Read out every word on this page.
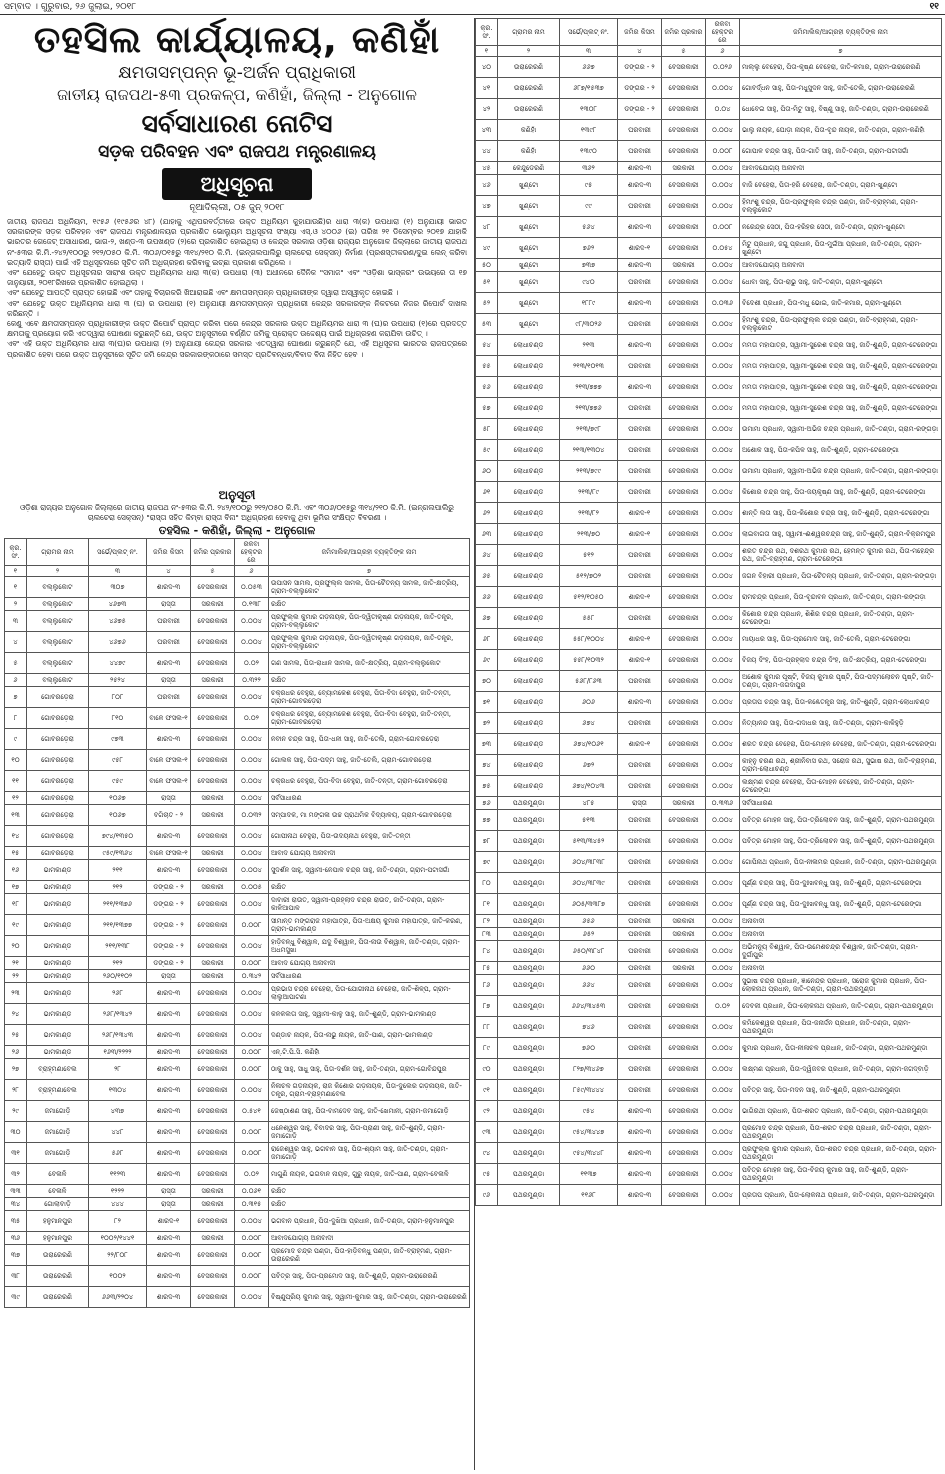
ସମ୍ବାଦ । ଗୁରୁବାର, ୨୬ ଜୁଲାଇ, ୨୦୧୮	୧୧
ତହସିଲ କାର୍ଯ୍ୟାଳୟ, କଣିହାଁ
କ୍ଷମତାସମ୍ପନ୍ନ ଭୂ-ଅର୍ଜନ ପ୍ରାଧିକାରୀ
ଜାତୀୟ ରାଜପଥ-୫୩ ପ୍ରକଳ୍ପ, କଣିହାଁ, ଜିଲ୍ଲା - ଅନୁଗୋଳ
ସର୍ବସାଧାରଣ ନୋଟିସ
ସଡ଼କ ପରିବହନ ଏବଂ ରାଜପଥ ମନ୍ତ୍ରଣାଳୟ
ଅଧିସୂଚନା
ନୂଆଦିଲ୍ଲୀ, ୦୫ ଜୁନ୍ ୨୦୧୮
ଜାତୀୟ ରାଜପଥ ଅଧିନିୟମ, ୧୯୫୬ (୧୯୫୬ର ୪୮) (ଯାହାକୁ ଏଥିପରବର୍ତ୍ତୀରେ ଉକ୍ତ ଅଧିନିୟମ କୁହାଯାଉଛି)ର ଧାରା ୩(କ) ଉପଧାରା (୧) ଅନୁଯାୟୀ ଭାରତ ସରକାରଙ୍କ ସଡ଼କ ପରିବହନ ଏବଂ ରାଜପଥ ମନ୍ତ୍ରଣାଳୟର ପ୍ରକାଶିତ ଭୋଲ୍ୟୁମ ଅଧିସୂଚନା ସଂଖ୍ୟା ଏସ୍.ଓ ୪୦୦୬ (ଇ) ତାରିଖ ୨୧ ଡିସେମ୍ବର ୨୦୧୭ ଯାହାକି ଭାରତର ଗେଜେଟ୍ ଅସାଧାରଣ, ଭାଗ-୨, ଖଣ୍ଡ-୩ ଉପଖଣ୍ଡ (୨)ରେ ପ୍ରକାଶିତ ହୋଇଥିଲା ଓ କେନ୍ଦ୍ର ସରକାର ଓଡ଼ିଶା ରାଜ୍ୟର ଅନୁଗୋଳ ଜିଲ୍ଲାରେ ଜାତୀୟ ରାଜପଥ ନଂ-୫୩ର କି.ମି.-୨୪୨/୧୦୦ରୁ ୨୧୨/୦୫୦ କି.ମି. ୩୦୬/୦୧୫ରୁ ୩୧୪/୨୧୦ କି.ମି. (ଇନ୍‌ଗଲପାଲିରୁ ଚାଲଚେରା ସେକ୍ସନ୍) ନିର୍ମାଣ (ପ୍ରଶସ୍ତୀକରଣ/ଦୁଇ ଲେନ୍ କରିବା ଇତ୍ୟାଦି ରାସ୍ତା) ପାଇଁ ଏହି ଅଧିସୂଚନାରେ ସୂଚିତ ଜମି ଅଧିଗ୍ରହଣ କରିବାକୁ ଇଚ୍ଛା ପ୍ରକାଶ କରିଥିଲେ ।
ଏବଂ ଯେହେତୁ ଉକ୍ତ ଅଧିସୂଚନାର ସାରାଂଶ ଉକ୍ତ ଅଧିନିୟମର ଧାରା ୩(କ) ଉପଧାରା (୩) ଅଧୀନରେ ଦୈନିକ "ସମାଜ" ଏବଂ "ଓଡ଼ିଶା ଭାସ୍କର" ଉଭୟରେ ତା ୧୭ ଜାନୁୟାରୀ, ୨୦୧୮ରିଖରେ ପ୍ରକାଶିତ ହୋଇଥିଲା ।
ଏବଂ ଯେହେତୁ ଆପତ୍ତି ପ୍ରାପ୍ତ ହୋଇଛି ଏବଂ ତାହାକୁ ବିଚାରକରି ଖିଆରାଇଛି ଏବଂ କ୍ଷମତାସମ୍ପନ୍ନ ପ୍ରାଧିକାରୀଙ୍କ ଦ୍ୱାରା ଅସ୍ୱୀକୃତ ହୋଇଛି ।
ଏବଂ ଯେହେତୁ ଉକ୍ତ ଅଧିନିୟମର ଧାରା ୩ (ଘ) ର ଉପଧାରା (୧) ଅନୁଯାୟୀ କ୍ଷମତାସମ୍ପନ୍ନ ପ୍ରାଧିକାରୀ କେନ୍ଦ୍ର ସରକାରଙ୍କ ନିକଟରେ ନିଜର ରିପୋର୍ଟ ଦାଖଲ କରିଛନ୍ତି ।
କେଣୁ ଏବେ କ୍ଷମତାସମ୍ପନ୍ନ ପ୍ରାଧିକାରୀଙ୍କ ଉକ୍ତ ରିପୋର୍ଟ ପ୍ରାପ୍ତ କରିବା ପରେ କେନ୍ଦ୍ର ସରକାର ଉକ୍ତ ଅଧିନିୟମର ଧାରା ୩ (ଘ)ର ଉପଧାରା (୧)ରେ ପ୍ରଦତ୍ତ କ୍ଷମତାକୁ ପ୍ରୟୋଗ କରି ଏତଦ୍ୱାରା ଘୋଷଣା କରୁଛନ୍ତି ଯେ, ଉକ୍ତ ଅନୁସୂଚୀରେ ବର୍ଣ୍ଣିତ ଜମିକୁ ପ୍ରୋକ୍ତ ଉଦ୍ଦେଶ୍ୟ ପାଇଁ ଅଧିଗ୍ରହଣ କରାଯିବା ଉଚିତ୍ ।
ଏବଂ ଏହି ଉକ୍ତ ଅଧିନିୟମର ଧାରା ୩(ଘ)ର ଉପଧାରା (୨) ଅନୁଯାୟୀ କେନ୍ଦ୍ର ସରକାର ଏତଦ୍ୱାରା ଘୋଷଣା କରୁଛନ୍ତି ଯେ, ଏହି ଅଧିସୂଚନା ଭାରତର ରାଜପତ୍ରରେ ପ୍ରକାଶିତ ହେବା ପରେ ଉକ୍ତ ଅନୁସୂଚୀରେ ସୂଚିତ ଜମି କେନ୍ଦ୍ର ସରକାରଙ୍କଠାରେ ସମସ୍ତ ପ୍ରତିବନ୍ଧକ/ବିବାଦ ବିନା ନିହିତ ହେବ ।
ଅନୁସୂଚୀ
ଓଡ଼ିଶା ରାଜ୍ୟର ଅନୁଗୋଳ ଜିଲ୍ଲାରେ ଜାତୀୟ ରାଜପଥ ନଂ-୫୩ର କି.ମି. ୨୪୨/୧୦୦ରୁ ୨୧୨/୦୫୦ କି.ମି. ଏବଂ ୩୦୬/୦୧୫ରୁ ୩୧୪/୨୧୦ କି.ମି. (ଇନ୍‌ଗଲପାଲିରୁ ଚାଲଚେରା ସେକ୍ସନ୍) "ରାସ୍ତା ସହିତ କିମ୍ବା ରାସ୍ତା ବିନା" ଅଧିଗ୍ରହଣ ହେବାକୁ ଥିବା ଭୂମିର ସଂକ୍ଷିପ୍ତ ବିବରଣୀ ।
ତହସିଲ - କଣିହାଁ, ଜିଲ୍ଲା - ଅନୁଗୋଳ
କ୍ର.ସଂ.	ଗ୍ରାମର ନାମ	ସର୍ଭେ/ପ୍ଲଟ୍ ନଂ.	ଜମିର କିସମ	ଜମିର ପ୍ରକାର	ରକବା ହେକ୍ଟରରେ	ଜମିମାଲିକ/ଆଗ୍ରହୀ ବ୍ୟକ୍ତିଙ୍କ ନାମ
୧	୨	୩	୪	୫	୬	୭
୧	ବଲ୍ଲୁକୋଟ	୩୦୭	ଶାରଦ-୩	ବେସରକାରୀ	୦.୦୫୩	ଉପାସନ ସାମଲ, ପ୍ରଫୁଲ୍ଲ ସାମଲ, ପିତା-ଚୈତନ୍ୟ ସାମଲ, ଜାତି-କ୍ଷତ୍ରିୟ, ଗ୍ରାମ-ବଲ୍ଲୁକୋଟ
୨	ବଲ୍ଲୁକୋଟ	୪୬୭୩	ରାସ୍ତା	ସରକାରୀ	୦.୧୩୮	ରକ୍ଷିତ
୩	ବଲ୍ଲୁକୋଟ	୪୬୭୫	ଘରବାରୀ	ବେସରକାରୀ	୦.୦୦୪	ପ୍ରଫୁଲ୍ଲ କୁମାର ଗଡ଼ନାୟକ, ପିତା-ଦ୍ୱିତୀକୃଷ୍ଣ ଗଡ଼ନାୟକ, ଜାତି-ତନ୍ତ୍ର, ଗ୍ରାମ-ବଲ୍ଲୁକୋଟ
୪	ବଲ୍ଲୁକୋଟ	୪୬୭୬	ଘରବାରୀ	ବେସରକାରୀ	୦.୦୦୪	ପ୍ରଫୁଲ୍ଲ କୁମାର ଗଡ଼ନାୟକ, ପିତା-ଦ୍ୱିତୀକୃଷ୍ଣ ଗଡ଼ନାୟକ, ଜାତି-ତନ୍ତ୍ର, ଗ୍ରାମ-ବଲ୍ଲୁକୋଟ
୫	ବଲ୍ଲୁକୋଟ	୪୪୭୯	ଶାରଦ-୩	ବେସରକାରୀ	୦.୦୨	ଗଣ ସାମଲ, ପିତା-ରାଧାନ ସାମଲ, ଜାତି-କ୍ଷତ୍ରିୟ, ଗ୍ରାମ-ବଲ୍ଲୁକୋଟ
୬	ବଲ୍ଲୁକୋଟ	୨୫୨୪	ରାସ୍ତା	ସରକାରୀ	୦.୩୨୨	ରକ୍ଷିତ
୭	ଗୋବରଡ଼େରା	୮୦୮	ଘରବାରୀ	ବେସରକାରୀ	୦.୦୦୪	ଚକ୍ରଧର ବେହୁରା, ବ୍ୟୋମକେଶ ବେହୁରା, ପିତା-ବିଦା ବେହୁରା, ଜାତି-ତନ୍ତୀ, ଗ୍ରାମ-ଗୋବରଡ଼େରା
୮	ଗୋବରଡ଼େରା	୮୧୦	ବାଳେ ଫସଲ-୧	ବେସରକାରୀ	୦.୦୨	ଚକ୍ରଧର ବେହୁରା, ବ୍ୟୋମକେଶ ବେହୁରା, ପିତା-ବିଦା ବେହୁରା, ଜାତି-ତନ୍ତୀ, ଗ୍ରାମ-ଗୋବରଡ଼େରା
୯	ଗୋବରଡ଼େରା	୯୭୩	ଶାରଦ-୩	ବେସରକାରୀ	୦.୦୦୪	ନବୀନ ଚନ୍ଦ୍ର ସାହୁ, ପିତା-ଧନୀ ସାହୁ, ଜାତି-ତେଲି, ଗ୍ରାମ-ଗୋବରଡ଼େରା
୧୦	ଗୋବରଡ଼େରା	୯୫୮	ବାଳେ ଫସଲ-୧	ବେସରକାରୀ	୦.୦୦୪	ଗୋଲକ ସାହୁ, ପିତା-ପଦ୍ମ ସାହୁ, ଜାତି-ତେଲି, ଗ୍ରାମ-ଗୋବରଡ଼େରା
୧୧	ଗୋବରଡ଼େରା	୯୫୯	ବାଳେ ଫସଲ-୧	ବେସରକାରୀ	୦.୦୦୪	ଚକ୍ରଧର ବେହୁରା, ପିତା-ବିଦା ବେହୁରା, ଜାତି-ତନ୍ତୀ, ଗ୍ରାମ-ଗୋବରଡ଼େରା
୧୨	ଗୋବରଡ଼େରା	୧୦୬୭	ରାସ୍ତା	ସରକାରୀ	୦.୦୦୪	ସର୍ବସାଧାରଣ
୧୩	ଗୋବରଡ଼େରା	୧୦୬୭	ବଗିଚାତ - ୨	ସରକାରୀ	୦.୦୩୨	ସମ୍ପାଦକ, ମା ମଙ୍ଗଳା ଉଚ୍ଚ ପ୍ରାଥମିକ ବିଦ୍ୟାଳୟ, ଗ୍ରାମ-ଗୋବରଡ଼େରା
୧୪	ଗୋବରଡ଼େରା	୭୯୪/୧୩୫୦	ଶାରଦ-୩	ବେସରକାରୀ	୦.୦୦୪	ଗୋପୀନାଥ ବେହୁରା, ପିତା-ଉଦୟନାଥ ବେହୁରା, ଜାତି-ତନ୍ତୀ
୧୫	ଗୋବରଡ଼େରା	୯୫୯/୧୩୬୪	ବାଳେ ଫସଲ-୧	ସରକାରୀ	୦.୦୦୪	ଆବାଦ ଯୋଗ୍ୟ ଅନାବାଦୀ
୧୬	ଭାମକାଣ୍ଡ	୨୧୧	ଶାରଦ-୩	ବେସରକାରୀ	୦.୦୦୪	ସୁଦର୍ଶନ ସାହୁ, ସ୍ୱାମୀ-ନେପାଳ ଚନ୍ଦ୍ର ସାହୁ, ଜାତି-ତଣ୍ଡା, ଗ୍ରାମ-ପଟାସଗାଁ
୧୭	ଭାମକାଣ୍ଡ	୨୧୨	ଡଙ୍ଗର - ୨	ସରକାରୀ	୦.୦୦୫	ରକ୍ଷିତ
୧୮	ଭାମକାଣ୍ଡ	୨୧୧/୧୩୭୬	ଡଙ୍ଗର - ୨	ବେସରକାରୀ	୦.୦୦୪	ଦାବାରୀ ରାଉତ, ସ୍ୱାମୀ-ପ୍ରହ୍ଲାଦ ଚନ୍ଦ୍ର ରାଉତ, ଜାତି-ତଣ୍ଡା, ଗ୍ରାମ-କାଳିଆପାଳ
୧୯	ଭାମକାଣ୍ଡ	୨୧୧/୧୩୭୭	ଡଙ୍ଗର - ୨	ବେସରକାରୀ	୦.୦୦୮	ସୀମାନ୍ତ ମଙ୍ଗରାଜ ମହାପାତ୍ର, ପିତା-ଅକ୍ଷୟ କୁମାର ମହାପାତ୍ର, ଜାତି-କରଣ, ଗ୍ରାମ-ଭାମକାଣ୍ଡ
୨୦	ଭାମକାଣ୍ଡ	୨୧୧/୧୩୮	ଡଙ୍ଗର - ୨	ବେସରକାରୀ	୦.୦୦୪	ହାଡ଼ିବନ୍ଧୁ ବିଶ୍ୱାଳ, ଯଦୁ ବିଶ୍ୱାଳ, ପିତା-ନାଉ ବିଶ୍ୱାଳ, ଜାତି-ତଣ୍ଡା, ଗ୍ରାମ-ଅଧମସୁଖା
୨୧	ଭାମକାଣ୍ଡ	୨୧୨	ଡଙ୍ଗର - ୨	ସରକାରୀ	୦.୦୦୮	ଆବାଦ ଯୋଗ୍ୟ ଅନାବାଦୀ
୨୨	ଭାମକାଣ୍ଡ	୨୬୦/୧୧୦୨	ରାସ୍ତା	ସରକାରୀ	୦.୩୪୨	ସର୍ବସାଧାରଣ
୨୩	ଭାମକାଣ୍ଡ	୨୬୮	ଶାରଦ-୩	ବେସରକାରୀ	୦.୦୦୪	ପ୍ରଭାସ ଚନ୍ଦ୍ର ବେହେରା, ପିତା-ଯୋଗୀନାଥ ବେହେରା, ଜାତି-ଶିଳ୍ପ, ଗ୍ରାମ-ଲାଲୁଆପାଟଣା
୨୪	ଭାମକାଣ୍ଡ	୨୬୮/୧୩୪୨	ଶାରଦ-୩	ବେସରକାରୀ	୦.୦୦୪	କନକଲତା ସାହୁ, ସ୍ୱାମୀ-କାଳୁ ସାହୁ, ଜାତି-ଶୁଣ୍ଡି, ଗ୍ରାମ-ଭାମକାଣ୍ଡ
୨୫	ଭାମକାଣ୍ଡ	୨୬୮/୧୩୪୩	ଶାରଦ-୩	ବେସରକାରୀ	୦.୦୦୪	ଦଣ୍ଡାଚ ନାୟକ, ପିତା-ନାଭୁ ନାୟକ, ଜାତି-ପାଣ, ଗ୍ରାମ-ଭାମକାଣ୍ଡ
୨୬	ଭାମକାଣ୍ଡ	୧୬୩/୨୨୨୨	ଶାରଦ-୩	ବେସରକାରୀ	୦.୦୦୮	ଏନ୍.ଟି.ପି.ସି. କଣିହାଁ
୨୭	ବ୍ରାହ୍ମଣାବେଲ	୨୮	ଶାରଦ-୩	ବେସରକାରୀ	୦.୦୦୮	ଠାକୁ ସାହୁ, ସାଧୁ ସାହୁ, ପିତା-ଦର୍ଶନ ସାହୁ, ଜାତି-ତଣ୍ଡା, ଗ୍ରାମ-ଗୋବିନ୍ଦପୁର
୨୮	ବ୍ରାହ୍ମଣାବେଲ	୧୩୦୪	ଶାରଦ-୩	ବେସରକାରୀ	୦.୦୦୪	ନିଳାଚଳ ଗଡ଼ନାୟକ, ରାଜ କିଶୋର ଗଡ଼ନାୟକ, ପିତା-ଦୁଲେର ଗଡ଼ନାୟକ, ଜାତି-ତନ୍ତ୍ର, ଗ୍ରାମ-ବ୍ରାହ୍ମଣାବେଲ
୨୯	ଜମାଗୋଡ଼ି	୪୩୭	ଶାରଦ-୩	ବେସରକାରୀ	୦.୫୪୧	ଜେଷ୍ଠାଶଣ ସାହୁ, ପିତା-ବାମଦେବ ସାହୁ, ଜାତି-ଖେମାନୀ, ଗ୍ରାମ-ଜମାଗୋଡ଼ି
୩୦	ଜମାଗୋଡ଼ି	୪୪୮	ଶାରଦ-୩	ବେସରକାରୀ	୦.୦୦୮	ଧନେଶ୍ୱର ସାହୁ, ବିବାଦର ସାହୁ, ପିତା-ପ୍ରାଣୀ ସାହୁ, ଜାତି-ଶୁଣ୍ଡି, ଗ୍ରାମ-ଜମାଗୋଡ଼ି
୩୧	ଜମାଗୋଡ଼ି	୫୬୮	ଶାରଦ-୩	ବେସରକାରୀ	୦.୦୦୮	ରାଜେଶ୍ୱର ସାହୁ, ଭଗବାନ ସାହୁ, ପିତା-ଶ୍ୟାମ ସାହୁ, ଜାତି-ତଣ୍ଡା, ଗ୍ରାମ-ଜମାଗୋଡ଼ି
୩୨	ବେଳାଳି	୧୧୨୩	ଶାରଦ-୩	ବେସରକାରୀ	୦.୦୨	ମାଗୁଣି ନାୟକ, ଭଗବାନ ନାୟକ, ଗୁରୁ ନାୟକ, ଜାତି-ପାଣ, ଗ୍ରାମ-ବେଳାଳି
୩୩	ବେଳାଳି	୧୨୨୨	ରାସ୍ତା	ସରକାରୀ	୦.୦୬୧	ରକ୍ଷିତ
୩୪	ଗୋଲାବାଡ଼ି	୪୪୪	ରାସ୍ତା	ସରକାରୀ	୦.୩୧୫	ରକ୍ଷିତ
୩୫	ହନୁମାନପୁର	୮୨	ଶାରଦ-୧	ବେସରକାରୀ	୦.୦୦୪	ଭଗବାନ ପ୍ରଧାନ, ପିତା-ଦୁଖିଆ ପ୍ରଧାନ, ଜାତି-ତଣ୍ଡା, ଗ୍ରାମ-ହନୁମାନପୁର
୩୬	ହନୁମାନପୁର	୧୦୦୨/୧୪୪୧	ଶାରଦ-୩	ସରକାରୀ	୦.୦୦୮	ଆବାଦଯୋଗ୍ୟ ଅନାବାଦୀ
୩୭	ଉରାରେରଣି	୨୨/୮୦୮	ଶାରଦ-୩	ବେସରକାରୀ	୦.୦୦୮	ପ୍ରମୋଦ ଚନ୍ଦ୍ର ପଣ୍ଡା, ପିତା-ହାଡ଼ିବନ୍ଧୁ ପଣ୍ଡା, ଜାତି-ବ୍ରାହ୍ମଣ, ଗ୍ରାମ-ଉରାରେରଣି
୩୮	ଉରାରେରଣି	୧୦୦୨	ଶାରଦ-୩	ବେସରକାରୀ	୦.୦୦୮	ପବିତ୍ର ସାହୁ, ପିତା-ପ୍ରମୋଦ ସାହୁ, ଜାତି-ଶୁଣ୍ଡି, ଗ୍ରାମ-ଉରାରେରଣି
୩୯	ଉରାରେରଣି	୬୬୩/୨୨୦୪	ଶାରଦ-୩	ବେସରକାରୀ	୦.୦୦୪	ବିଷ୍ଣୁପ୍ରିୟ କୁମାର ସାହୁ, ସ୍ୱାମୀ-କୁମାର ସାହୁ, ଜାତି-ତଣ୍ଡା, ଗ୍ରାମ-ଉରାରେରଣି
କ୍ର.ସଂ.	ଗ୍ରାମର ନାମ	ସର୍ଭେ/ପ୍ଲଟ୍ ନଂ.	ଜମିର କିସମ	ଜମିର ପ୍ରକାର	ରକବା ହେକ୍ଟରରେ	ଜମିମାଲିକ/ଆଗ୍ରହୀ ବ୍ୟକ୍ତିଙ୍କ ନାମ
୧	୨	୩	୪	୫	୬	୭
୪୦	ଉରାରେରଣି	୬୬୭	ଡଙ୍ଗର - ୨	ବେସରକାରୀ	୦.୦୨୬	ମାଲ୍ଲୁ ବେହେରା, ପିତା-କୃଷ୍ଣ ବେହେରା, ଜାତି-କମାର, ଗ୍ରାମ-ଉରାରେରଣି
୪୧	ଉରାରେରଣି	୬୮୭/୧୫୩୭	ଡଙ୍ଗର - ୨	ବେସରକାରୀ	୦.୦୦୪	ଗୋବର୍ଦ୍ଧନ ସାହୁ, ପିତା-ମଧୁସୁଦନ ସାହୁ, ଜାତି-ତେଲି, ଗ୍ରାମ-ଉରାରେରଣି
୪୨	ଉରାରେରଣି	୧୩୦୮	ଡଙ୍ଗର - ୨	ବେସରକାରୀ	୦.୦୪	ଧୋବେଇ ସାହୁ, ପିତା-ମିଟୁ ସାହୁ, ବିଷ୍ଣୁ ସାହୁ, ଜାତି-ତଣ୍ଡା, ଗ୍ରାମ-ଉରାରେରଣି
୪୩	କଣିହାଁ	୧୩୯୮	ଘରବାରୀ	ବେସରକାରୀ	୦.୦୦୪	ଭାଲୁ ନାୟକ, ଘୋଡ଼ା ନାୟକ, ପିତା-ବୃନ୍ଦ ନାୟକ, ଜାତି-ତଣ୍ଡା, ଗ୍ରାମ-କଣିହାଁ
୪୪	କଣିହାଁ	୧୩୯୦	ଘରବାରୀ	ବେସରକାରୀ	୦.୦୦୮	ଗୋପାଳ ଚନ୍ଦ୍ର ସାହୁ, ପିତା-ଗାତି ସାହୁ, ଜାତି-ତଣ୍ଡା, ଗ୍ରାମ-ପଟାସଗାଁ
୪୫	କେନ୍ଦୁଡେରଣି	୩୬୨	ଶାରଦ-୩	ସରକାରୀ	୦.୦୦୪	ଆବାଦଯୋଗ୍ୟ ଅନାବାଦୀ
୪୬	ଖୁଣ୍ଟୋ	୯୫	ଶାରଦ-୩	ବେସରକାରୀ	୦.୦୦୪	ବାଜି ବେହେରା, ପିତା-ହରି ବେହେରା, ଜାତି-ତଣ୍ଡା, ଗ୍ରାମ-ଖୁଣ୍ଟୋ
୪୭	ଖୁଣ୍ଟୋ	୯୯	ଘରବାରୀ	ବେସରକାରୀ	୦.୦୦୪	ହିମାଂଶୁ ଚନ୍ଦ୍ର, ପିତା-ପ୍ରଫୁଲ୍ଲ ଚନ୍ଦ୍ର ପଣ୍ଡା, ଜାତି-ବ୍ରାହ୍ମଣ, ଗ୍ରାମ-ବଲ୍ଲୁକୋଟ
୪୮	ଖୁଣ୍ଟୋ	୫୬୪	ଶାରଦ-୩	ବେସରକାରୀ	୦.୦୦୮	ନରେନ୍ଦ୍ର ସେଠୀ, ପିତା-ହରିହର ସେଠୀ, ଜାତି-ତଣ୍ଡା, ଗ୍ରାମ-ଖୁଣ୍ଟୋ
୪୯	ଖୁଣ୍ଟୋ	୭୬୨	ଶାରଦ-୧	ବେସରକାରୀ	୦.୦୫୪	ମିଟୁ ପ୍ରଧାନ, ଜଗୁ ପ୍ରଧାନ, ପିତା-ମୁଇଁଆ ପ୍ରଧାନ, ଜାତି-ତଣ୍ଡା, ଗ୍ରାମ-ଖୁଣ୍ଟୋ
୫୦	ଖୁଣ୍ଟୋ	୭୩୭	ଶାରଦ-୩	ସରକାରୀ	୦.୦୦୪	ଆବାଦଯୋଗ୍ୟ ଅନାବାଦୀ
୫୧	ଖୁଣ୍ଟୋ	୯୪୦	ଘରବାରୀ	ବେସରକାରୀ	୦.୦୦୪	ଧୋବା ସାହୁ, ପିତା-ରାଭୁ ସାହୁ, ଜାତି-ତଣ୍ଡା, ଗ୍ରାମ-ଖୁଣ୍ଟୋ
୫୨	ଖୁଣ୍ଟୋ	୧୮୮୯	ଶାରଦ-୩	ବେସରକାରୀ	୦.୦୩୬	ବିଦେଶୀ ପ୍ରଧାନ, ପିତା-ମଧୁ ଭୋଇ, ଜାତି-କମାର, ଗ୍ରାମ-ଖୁଣ୍ଟୋ
୫୩	ଖୁଣ୍ଟୋ	୯୮/୩୦୨୬	ଘରବାରୀ	ବେସରକାରୀ	୦.୦୦୪	ହିମାଂଶୁ ଚନ୍ଦ୍ର, ପିତା-ପ୍ରଫୁଲ୍ଲ ଚନ୍ଦ୍ର ପଣ୍ଡା, ଜାତି-ବ୍ରାହ୍ମଣ, ଗ୍ରାମ-ବଲ୍ଲୁକୋଟ
୫୪	ଲୋଧାଚଣ୍ଡ	୨୧୩	ଶାରଦ-୩	ବେସରକାରୀ	୦.୦୦୪	ମମତା ମହାପାତ୍ର, ସ୍ୱାମୀ-ସୁରେଶ ଚନ୍ଦ୍ର ସାହୁ, ଜାତି-ଶୁଣ୍ଡି, ଗ୍ରାମ-ଟେରେଙ୍ଗା
୫୫	ଲୋଧାଚଣ୍ଡ	୨୧୩/୧୦୧୩	ଘରବାରୀ	ବେସରକାରୀ	୦.୦୦୪	ମମତା ମହାପାତ୍ର, ସ୍ୱାମୀ-ସୁରେଶ ଚନ୍ଦ୍ର ସାହୁ, ଜାତି-ଶୁଣ୍ଡି, ଗ୍ରାମ-ଟେରେଙ୍ଗା
୫୬	ଲୋଧାଚଣ୍ଡ	୨୧୩/୭୭୭	ଶାରଦ-୩	ବେସରକାରୀ	୦.୦୦୪	ମମତା ମହାପାତ୍ର, ସ୍ୱାମୀ-ସୁରେଶ ଚନ୍ଦ୍ର ସାହୁ, ଜାତି-ଶୁଣ୍ଡି, ଗ୍ରାମ-ଟେରେଙ୍ଗା
୫୭	ଲୋଧାଚଣ୍ଡ	୨୧୩/୭୭୬	ଘରବାରୀ	ବେସରକାରୀ	୦.୦୦୪	ମମତା ମହାପାତ୍ର, ସ୍ୱାମୀ-ସୁରେଶ ଚନ୍ଦ୍ର ସାହୁ, ଜାତି-ଶୁଣ୍ଡି, ଗ୍ରାମ-ଟେରେଙ୍ଗା
୫୮	ଲୋଧାଚଣ୍ଡ	୨୧୩/୭୯୮	ଘରବାରୀ	ବେସରକାରୀ	୦.୦୦୪	ଉମାମା ପ୍ରଧାନ, ସ୍ୱାମୀ-ଅଭିଜ ଚନ୍ଦ୍ର ପ୍ରଧାନ, ଜାତି-ତଣ୍ଡା, ଗ୍ରାମ-ରଙ୍ଗଡ଼ା
୫୯	ଲୋଧାଚଣ୍ଡ	୨୧୩/୧୩୦୪	ଘରବାରୀ	ବେସରକାରୀ	୦.୦୦୪	ଅଶୋକ ସାହୁ, ପିତା-କପିଳ ସାହୁ, ଜାତି-ଶୁଣ୍ଡି, ଗ୍ରାମ-ଟେରେଙ୍ଗା
୬୦	ଲୋଧାଚଣ୍ଡ	୨୧୩/୭୯୯	ଘରବାରୀ	ବେସରକାରୀ	୦.୦୦୪	ଉମାମା ପ୍ରଧାନ, ସ୍ୱାମୀ-ଅଭିଜ ଚନ୍ଦ୍ର ପ୍ରଧାନ, ଜାତି-ତଣ୍ଡା, ଗ୍ରାମ-ରଙ୍ଗଡ଼ା
୬୧	ଲୋଧାଚଣ୍ଡ	୨୧୩/୮୯	ଘରବାରୀ	ବେସରକାରୀ	୦.୦୦୪	କିଶୋର ଚନ୍ଦ୍ର ସାହୁ, ପିତା-ଜୟକୃଷ୍ଣ ସାହୁ, ଜାତି-ଶୁଣ୍ଡି, ଗ୍ରାମ-ଟେରେଙ୍ଗା
୬୨	ଲୋଧାଚଣ୍ଡ	୨୧୩/୮୨	ଶାରଦ-୧	ବେସରକାରୀ	୦.୦୦୪	ଶାନ୍ତି ଲତା ସାହୁ, ପିତା-କିଶୋର ଚନ୍ଦ୍ର ସାହୁ, ଜାତି-ଶୁଣ୍ଡି, ଗ୍ରାମ-ଟେରେଙ୍ଗା
୬୩	ଲୋଧାଚଣ୍ଡ	୨୧୩/୭୦	ଶାରଦ-୧	ବେସରକାରୀ	୦.୦୦୪	ଲାଇବାଗତା ସାହୁ, ସ୍ୱାମୀ-ଈଶ୍ୱରଚନ୍ଦ୍ର ସାହୁ, ଜାତି-ଶୁଣ୍ଡି, ଗ୍ରାମ-ବିକ୍ରମପୁର
୬୪	ଲୋଧାଚଣ୍ଡ	୫୧୨	ଘରବାରୀ	ବେସରକାରୀ	୦.୦୦୪	ଶରତ ଚନ୍ଦ୍ର ରଥ, ଦଶରଥ କୁମାର ରଥ, ହେମନ୍ତ କୁମାର ରଥ, ପିତା-ମହେନ୍ଦ୍ର ରଥ, ଜାତି-ବ୍ରାହ୍ମଣ, ଗ୍ରାମ-ଟେରେଙ୍ଗା
୬୫	ଲୋଧାଚଣ୍ଡ	୫୧୨/୭୦୨	ଘରବାରୀ	ବେସରକାରୀ	୦.୦୦୪	ଜଗନ ବିହାରୀ ପ୍ରଧାନ, ପିତା-ଚୈତନ୍ୟ ପ୍ରଧାନ, ଜାତି-ତଣ୍ଡା, ଗ୍ରାମ-ରଙ୍ଗଡ଼ା
୬୬	ଲୋଧାଚଣ୍ଡ	୫୧୨/୧୦୫୦	ଶାରଦ-୧	ବେସରକାରୀ	୦.୦୦୪	ରାମଚନ୍ଦ୍ର ପ୍ରଧାନ, ପିତା-ବୃନ୍ଦାବନ ପ୍ରଧାନ, ଜାତି-ତଣ୍ଡା, ଗ୍ରାମ-ରଙ୍ଗଡ଼ା
୬୭	ଲୋଧାଚଣ୍ଡ	୫୫୮	ଘରବାରୀ	ବେସରକାରୀ	୦.୦୦୪	କିଶୋର ଚନ୍ଦ୍ର ପ୍ରଧାନ, ଶିଶିର ଚନ୍ଦ୍ର ପ୍ରଧାନ, ଜାତି-ତଣ୍ଡା, ଗ୍ରାମ-ଟେରେଙ୍ଗା
୬୮	ଲୋଧାଚଣ୍ଡ	୫୫୮/୧୦୦୪	ଶାରଦ-୧	ବେସରକାରୀ	୦.୦୦୪	ମାୟାଧର ସାହୁ, ପିତା-ପ୍ରମୋଦ ସାହୁ, ଜାତି-ତେଲି, ଗ୍ରାମ-ଟେରେଙ୍ଗା
୬୯	ଲୋଧାଚଣ୍ଡ	୫୫୮/୧୦୩୨	ଶାରଦ-୧	ବେସରକାରୀ	୦.୦୦୪	ବିଜୟ ଦିଂହ, ପିତା-ପ୍ରହ୍ଲାଦ ଚନ୍ଦ୍ର ଦିଂହ, ଜାତି-କ୍ଷତ୍ରିୟ, ଗ୍ରାମ-ଟେରେଙ୍ଗା
୭୦	ଲୋଧାଚଣ୍ଡ	୫୬୮/୮୬୩	ଘରବାରୀ	ବେସରକାରୀ	୦.୦୦୪	ଅଶୋକ କୁମାର ପୃଷ୍ଟି, ବିଜୟ କୁମାର ପୃଷ୍ଟି, ପିତା-ପଦ୍ମଲୋଚନ ପୃଷ୍ଟି, ଜାତି-ତଣ୍ଡା, ଗ୍ରାମ-ଜଗଦାପୁର
୭୧	ଲୋଧାଚଣ୍ଡ	୬୦୬	ଶାରଦ-୩	ବେସରକାରୀ	୦.୦୦୪	ପ୍ରତାପ ଚନ୍ଦ୍ର ସାହୁ, ପିତା-କଣ୍ଢେତନ୍ତ୍ର ସାହୁ, ଜାତି-ଶୁଣ୍ଡି, ଗ୍ରାମ-ଲୋଧାଚଣ୍ଡ
୭୨	ଲୋଧାଚଣ୍ଡ	୬୭୪	ଘରବାରୀ	ବେସରକାରୀ	୦.୦୦୪	ନିତ୍ୟାନନ୍ଦ ସାହୁ, ପିତା-ଗଦାଧର ସାହୁ, ଜାତି-ତଣ୍ଡା, ଗ୍ରାମ-କାଳିହୁଡ଼ି
୭୩	ଲୋଧାଚଣ୍ଡ	୬୭୪/୧୦୬୧	ଶାରଦ-୧	ବେସରକାରୀ	୦.୦୦୪	ଶରତ ଚନ୍ଦ୍ର ବେହେରା, ପିତା-ମୋହନ ବେହେରା, ଜାତି-ତଣ୍ଡା, ଗ୍ରାମ-ଟେରେଙ୍ଗା
୭୪	ଲୋଧାଚଣ୍ଡ	୬୭୨	ଘରବାରୀ	ବେସରକାରୀ	୦.୦୦୪	କାହ୍ନୁ ଚରଣ ରଥ, ଶ୍ରୀନିବାସ ରଥ, ସରୋଜ ରଥ, ସୁଭାଷ ରଥ, ଜାତି-ବ୍ରାହ୍ମଣ, ଗ୍ରାମ-ଲୋଧାଚଣ୍ଡ
୭୫	ଲୋଧାଚଣ୍ଡ	୬୭୪/୧୦୪୩	ଘରବାରୀ	ବେସରକାରୀ	୦.୦୦୪	ଲକ୍ଷ୍ମଣ ଚନ୍ଦ୍ର ବେହେରା, ପିତା-ମୋହନ ବେହେରା, ଜାତି-ତଣ୍ଡା, ଗ୍ରାମ-ଟେରେଙ୍ଗା
୭୬	ପଥରମୁଣ୍ଡା	୪୮୫	ରାସ୍ତା	ସରକାରୀ	୦.୩୩୬	ସର୍ବସାଧାରଣ
୭୭	ପଥରମୁଣ୍ଡା	୫୧୩	ଘରବାରୀ	ବେସରକାରୀ	୦.୦୦୪	ପବିତ୍ର ମୋହନ ସାହୁ, ପିତା-ତ୍ରିଲୋଚନ ସାହୁ, ଜାତି-ଶୁଣ୍ଡି, ଗ୍ରାମ-ପଥରମୁଣ୍ଡା
୭୮	ପଥରମୁଣ୍ଡା	୫୧୩/୩୪୫୨	ଘରବାରୀ	ବେସରକାରୀ	୦.୦୦୪	ପବିତ୍ର ମୋହନ ସାହୁ, ପିତା-ତ୍ରିଲୋଚନ ସାହୁ, ଜାତି-ଶୁଣ୍ଡି, ଗ୍ରାମ-ପଥରମୁଣ୍ଡା
୭୯	ପଥରମୁଣ୍ଡା	୬୦୪/୩୮୩୮	ଘରବାରୀ	ବେସରକାରୀ	୦.୦୦୪	ଗୋପିନାଥ ପ୍ରଧାନ, ପିତା-ନୀଳାମର ପ୍ରଧାନ, ଜାତି-ତଣ୍ଡା, ଗ୍ରାମ-ପଥରମୁଣ୍ଡା
୮୦	ପଥରମୁଣ୍ଡା	୬୦୪/୩୮୩୯	ଘରବାରୀ	ବେସରକାରୀ	୦.୦୦୪	ପୂର୍ଣ୍ଣ ଚନ୍ଦ୍ର ସାହୁ, ପିତା-ଦୁଃଖବନ୍ଧୁ ସାହୁ, ଜାତି-ଶୁଣ୍ଡି, ଗ୍ରାମ-ଟେରେଙ୍ଗା
୮୧	ପଥରମୁଣ୍ଡା	୬୦୫/୩୩୮୭	ଘରବାରୀ	ବେସରକାରୀ	୦.୦୦୪	ପୂର୍ଣ୍ଣ ଚନ୍ଦ୍ର ସାହୁ, ପିତା-ଦୁଃଖବନ୍ଧୁ ସାହୁ, ଜାତି-ଶୁଣ୍ଡି, ଗ୍ରାମ-ଟେରେଙ୍ଗା
୮୨	ପଥରମୁଣ୍ଡା	୬୫୬	ଘରବାରୀ	ସରକାରୀ	୦.୦୦୪	ଅନାବାଦୀ
୮୩	ପଥରମୁଣ୍ଡା	୬୫୨	ଘରବାରୀ	ସରକାରୀ	୦.୦୦୪	ଅନାବାଦୀ
୮୪	ପଥରମୁଣ୍ଡା	୬୫୦/୩୮୪୮	ଘରବାରୀ	ବେସରକାରୀ	୦.୦୦୪	ଅଭିମନ୍ୟୁ ବିଶ୍ୱାଳ, ପିତା-ଉମେଶଚନ୍ଦ୍ର ବିଶ୍ୱାଳ, ଜାତି-ତଣ୍ଡା, ଗ୍ରାମ-ଦୁର୍ଗାପୁର
୮୫	ପଥରମୁଣ୍ଡା	୬୬୦	ଘରବାରୀ	ସରକାରୀ	୦.୦୦୪	ଅନାବାଦୀ
୮୬	ପଥରମୁଣ୍ଡା	୬୬୪	ଘରବାରୀ	ବେସରକାରୀ	୦.୦୦୪	ସୁଭାଷ ଚନ୍ଦ୍ର ପ୍ରଧାନ, ଜ୍ଞାନେନ୍ଦ୍ର ପ୍ରଧାନ, ସରୋଜ କୁମାର ପ୍ରଧାନ, ପିତା-ଲୋକନାଥ ପ୍ରଧାନ, ଜାତି-ତଣ୍ଡା, ଗ୍ରାମ-ପଥରମୁଣ୍ଡା
୮୭	ପଥରମୁଣ୍ଡା	୬୬୪/୩୪୫୩	ଘରବାରୀ	ବେସରକାରୀ	୦.୦୨	ଦେବକୀ ପ୍ରଧାନ, ପିତା-ଲୋକନାଥ ପ୍ରଧାନ, ଜାତି-ତଣ୍ଡା, ଗ୍ରାମ-ପଥରମୁଣ୍ଡା
୮୮	ପଥରମୁଣ୍ଡା	୭୪୬	ଘରବାରୀ	ବେସରକାରୀ	୦.୦୦୪	କମିଳେଶ୍ୱର ପ୍ରଧାନ, ପିତା-ଜନାର୍ଦ୍ଦନ ପ୍ରଧାନ, ଜାତି-ତଣ୍ଡା, ଗ୍ରାମ-ପଥରମୁଣ୍ଡା
୮୯	ପଥରମୁଣ୍ଡା	୭୬୦	ଘରବାରୀ	ବେସରକାରୀ	୦.୦୦୪	କୁମାର ପ୍ରଧାନ, ପିତା-ନୀଳାଚଳ ପ୍ରଧାନ, ଜାତି-ତଣ୍ଡା, ଗ୍ରାମ-ପଥରମୁଣ୍ଡା
୯୦	ପଥରମୁଣ୍ଡା	୮୨୭/୩୪୬୭	ଘରବାରୀ	ବେସରକାରୀ	୦.୦୦୪	ଲକ୍ଷ୍ମଣ ପ୍ରଧାନ, ପିତା-ଦ୍ୱିଜବର ପ୍ରଧାନ, ଜାତି-ତଣ୍ଡା, ଗ୍ରାମ-ଜଗଦ୍ବାଡ଼ି
୯୧	ପଥରମୁଣ୍ଡା	୮୫୯/୩୪୪୪	ଘରବାରୀ	ବେସରକାରୀ	୦.୦୦୪	ପବିତ୍ର ସାହୁ, ପିତା-ମଦନ ସାହୁ, ଜାତି-ଶୁଣ୍ଡି, ଗ୍ରାମ-ପଥରମୁଣ୍ଡା
୯୨	ପଥରମୁଣ୍ଡା	୯୫୪	ଶାରଦ-୩	ବେସରକାରୀ	୦.୦୦୪	ଭାଗିରଥୀ ପ୍ରଧାନ, ପିତା-ଶରତ ପ୍ରଧାନ, ଜାତି-ତଣ୍ଡା, ଗ୍ରାମ-ପଥରମୁଣ୍ଡା
୯୩	ପଥରମୁଣ୍ଡା	୯୫୪/୩୪୪୭	ଶାରଦ-୩	ବେସରକାରୀ	୦.୦୦୪	ପ୍ରମୋଦ ଚନ୍ଦ୍ର ପ୍ରଧାନ, ପିତା-ଶରତ ଚନ୍ଦ୍ର ପ୍ରଧାନ, ଜାତି-ତଣ୍ଡା, ଗ୍ରାମ-ପଥରମୁଣ୍ଡା
୯୪	ପଥରମୁଣ୍ଡା	୯୫୪/୩୪୪୮	ଶାରଦ-୩	ବେସରକାରୀ	୦.୦୦୪	ପ୍ରଫୁଲ୍ଲ କୁମାର ପ୍ରଧାନ, ପିତା-ଶରତ ଚନ୍ଦ୍ର ପ୍ରଧାନ, ଜାତି-ତଣ୍ଡା, ଗ୍ରାମ-ପଥରମୁଣ୍ଡା
୯୫	ପଥରମୁଣ୍ଡା	୧୧୩୭	ଶାରଦ-୩	ବେସରକାରୀ	୦.୦୦୪	ପବିତ୍ର ମୋହନ ସାହୁ, ପିତା-ବିଜୟ କୁମାର ସାହୁ, ଜାତି-ଶୁଣ୍ଡି, ଗ୍ରାମ-ପଥରମୁଣ୍ଡା
୯୬	ପଥରମୁଣ୍ଡା	୧୧୬୮	ଶାରଦ-୩	ବେସରକାରୀ	୦.୦୦୪	ପ୍ରତାପ ପ୍ରଧାନ, ପିତା-ଲୋକନାଥ ପ୍ରଧାନ, ଜାତି-ତଣ୍ଡା, ଗ୍ରାମ-ପଥରମୁଣ୍ଡା
